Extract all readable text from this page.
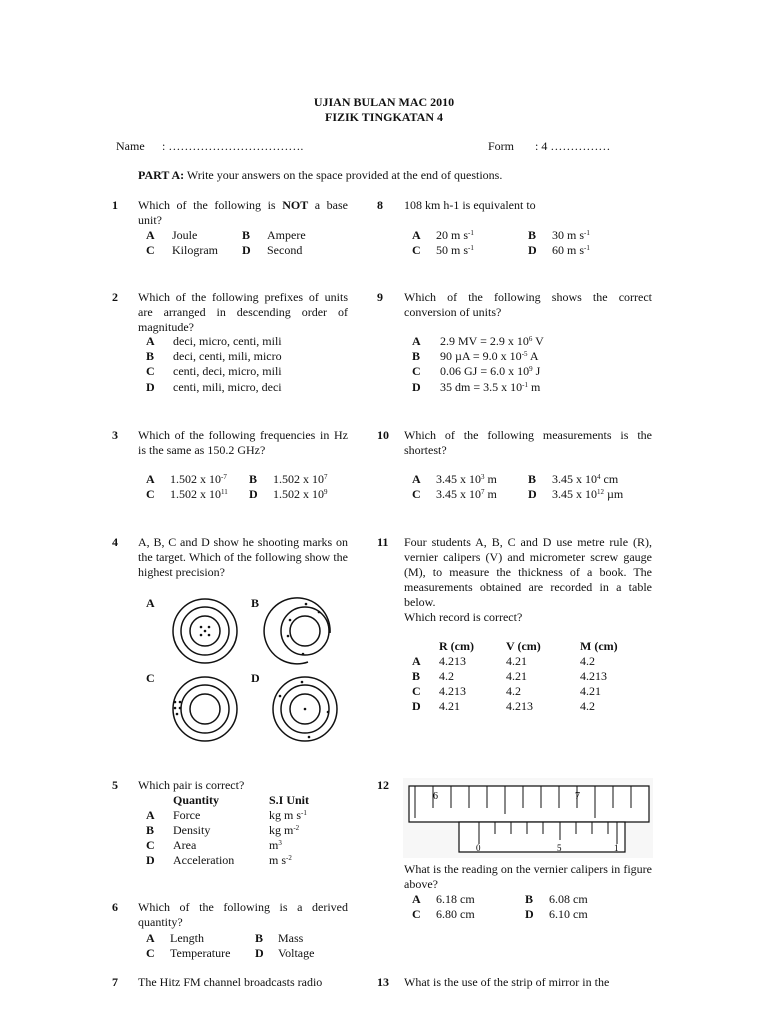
UJIAN BULAN MAC 2010
FIZIK TINGKATAN 4
Name : …………………………….	Form : 4 ……………
PART A: Write your answers on the space provided at the end of questions.
1 Which of the following is NOT a base unit?
A Joule	B Ampere
C Kilogram D Second
2 Which of the following prefixes of units are arranged in descending order of magnitude?
A deci, micro, centi, mili
B deci, centi, mili, micro
C centi, deci, micro, mili
D centi, mili, micro, deci
3 Which of the following frequencies in Hz is the same as 150.2 GHz?
A 1.502 x $10^{-7}$ B 1.502 x $10^7$
C 1.502 x $10^{11}$ D 1.502 x $10^9$
4 A, B, C and D show he shooting marks on the target. Which of the following show the highest precision?
A	B
C	D
5 Which pair is correct?
Quantity	S.I Unit
A Force	kg m $s^{-1}$
B Density	kg $m^{-2}$
C Area	$m^3$
D Acceleration	m $s^{-2}$
6 Which of the following is a derived quantity?
A Length	B Mass
C Temperature D Voltage
7 The Hitz FM channel broadcasts radio
8 108 km h-1 is equivalent to
A 20 m $s^{-1}$	B 30 m $s^{-1}$
C 50 m $s^{-1}$	D 60 m $s^{-1}$
9 Which of the following shows the correct conversion of units?
A 2.9 MV = 2.9 x $10^6$ V
B 90 µA = 9.0 x $10^{-5}$ A
C 0.06 GJ = 6.0 x $10^9$ J
D 35 dm = 3.5 x $10^{-1}$ m
10 Which of the following measurements is the shortest?
A 3.45 x $10^3$ m	B 3.45 x $10^4$ cm
C 3.45 x $10^7$ m	D 3.45 x $10^{12}$ µm
11 Four students A, B, C and D use metre rule (R), vernier calipers (V) and micrometer screw gauge (M), to measure the thickness of a book. The measurements obtained are recorded in a table below.
Which record is correct?
R (cm)	V (cm)	M (cm)
A 4.213	4.21	4.2
B 4.2	4.21	4.213
C 4.213	4.2	4.21
D 4.21	4.213	4.2
12
6	7
0	5	1
What is the reading on the vernier calipers in figure above?
A 6.18 cm	B 6.08 cm
C 6.80 cm	D 6.10 cm
13 What is the use of the strip of mirror in the
